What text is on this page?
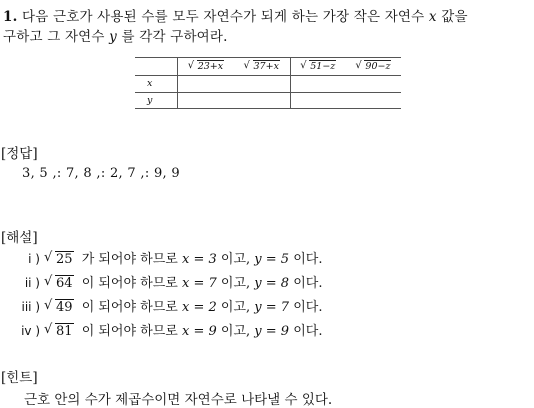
1. 다음 근호가 사용된 수를 모두 자연수가 되게 하는 가장 작은 자연수 x 값을
구하고 그 자연수 y 를 각각 구하여라.

	√ 23+x	√ 37+x	√ 51−z	√ 90−z
x				
y				
[정답]
3, 5 ,: 7, 8 ,: 2, 7 ,: 9, 9
[해설]
i ) √ 25 가 되어야 하므로 x = 3 이고, y = 5 이다.
ii ) √ 64 이 되어야 하므로 x = 7 이고, y = 8 이다.
iii ) √ 49 이 되어야 하므로 x = 2 이고, y = 7 이다.
iv ) √ 81 이 되어야 하므로 x = 9 이고, y = 9 이다.
[힌트]
근호 안의 수가 제곱수이면 자연수로 나타낼 수 있다.
